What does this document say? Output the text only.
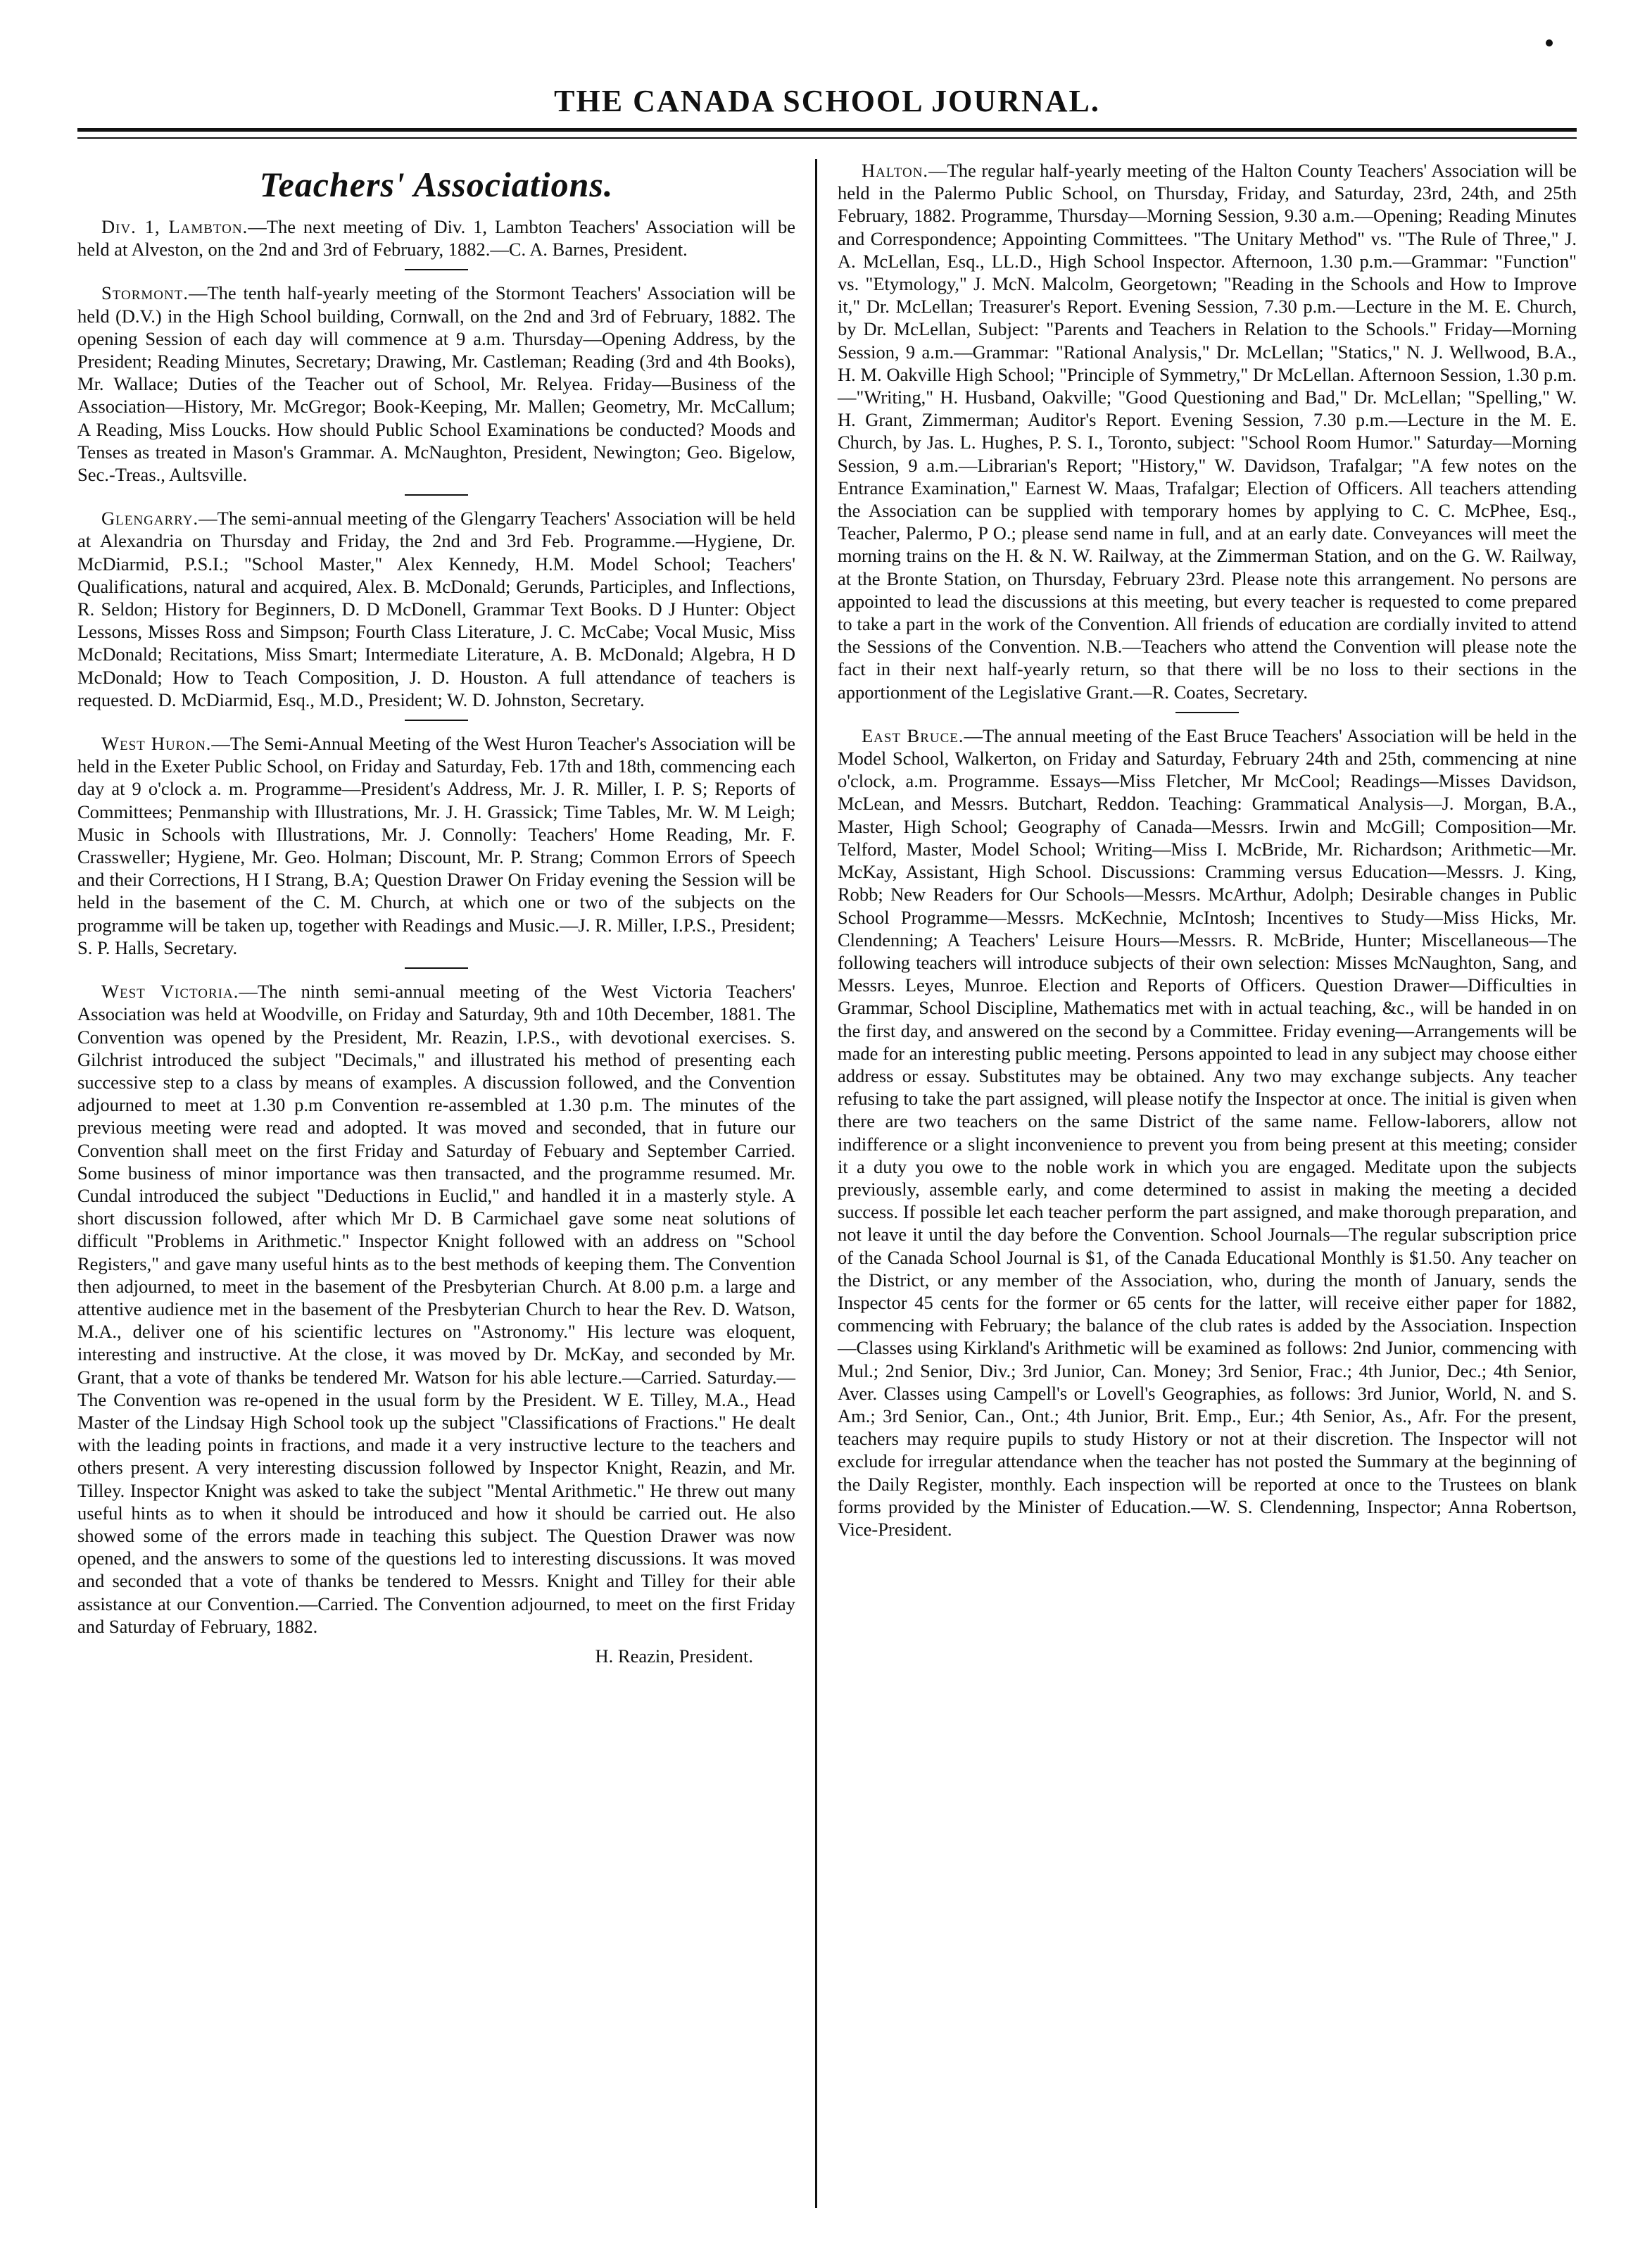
THE CANADA SCHOOL JOURNAL.
Teachers' Associations.

Div. 1, Lambton.—The next meeting of Div. 1, Lambton Teachers' Association will be held at Alveston, on the 2nd and 3rd of February, 1882.—C. A. Barnes, President.

Stormont.—The tenth half-yearly meeting of the Stormont Teachers' Association will be held (D.V.) in the High School building, Cornwall, on the 2nd and 3rd of February, 1882. The opening Session of each day will commence at 9 a.m. Thursday—Opening Address, by the President; Reading Minutes, Secretary; Drawing, Mr. Castleman; Reading (3rd and 4th Books), Mr. Wallace; Duties of the Teacher out of School, Mr. Relyea. Friday—Business of the Association—History, Mr. McGregor; Book-Keeping, Mr. Mallen; Geometry, Mr. McCallum; A Reading, Miss Loucks. How should Public School Examinations be conducted? Moods and Tenses as treated in Mason's Grammar. A. McNaughton, President, Newington; Geo. Bigelow, Sec.-Treas., Aultsville.

Glengarry.—The semi-annual meeting of the Glengarry Teachers' Association will be held at Alexandria on Thursday and Friday, the 2nd and 3rd Feb. Programme.—Hygiene, Dr. McDiarmid, P.S.I.; "School Master," Alex Kennedy, H.M. Model School; Teachers' Qualifications, natural and acquired, Alex. B. McDonald; Gerunds, Participles, and Inflections, R. Seldon; History for Beginners, D. D McDonell, Grammar Text Books. D J Hunter: Object Lessons, Misses Ross and Simpson; Fourth Class Literature, J. C. McCabe; Vocal Music, Miss McDonald; Recitations, Miss Smart; Intermediate Literature, A. B. McDonald; Algebra, H D McDonald; How to Teach Composition, J. D. Houston. A full attendance of teachers is requested. D. McDiarmid, Esq., M.D., President; W. D. Johnston, Secretary.

West Huron.—The Semi-Annual Meeting of the West Huron Teacher's Association will be held in the Exeter Public School, on Friday and Saturday, Feb. 17th and 18th, commencing each day at 9 o'clock a. m. Programme—President's Address, Mr. J. R. Miller, I. P. S; Reports of Committees; Penmanship with Illustrations, Mr. J. H. Grassick; Time Tables, Mr. W. M Leigh; Music in Schools with Illustrations, Mr. J. Connolly: Teachers' Home Reading, Mr. F. Crassweller; Hygiene, Mr. Geo. Holman; Discount, Mr. P. Strang; Common Errors of Speech and their Corrections, H I Strang, B.A; Question Drawer On Friday evening the Session will be held in the basement of the C. M. Church, at which one or two of the subjects on the programme will be taken up, together with Readings and Music.—J. R. Miller, I.P.S., President; S. P. Halls, Secretary.

West Victoria.—The ninth semi-annual meeting of the West Victoria Teachers' Association was held at Woodville, on Friday and Saturday, 9th and 10th December, 1881. The Convention was opened by the President, Mr. Reazin, I.P.S., with devotional exercises. S. Gilchrist introduced the subject "Decimals," and illustrated his method of presenting each successive step to a class by means of examples. A discussion followed, and the Convention adjourned to meet at 1.30 p.m Convention re-assembled at 1.30 p.m. The minutes of the previous meeting were read and adopted. It was moved and seconded, that in future our Convention shall meet on the first Friday and Saturday of Febuary and September Carried. Some business of minor importance was then transacted, and the programme resumed. Mr. Cundal introduced the subject "Deductions in Euclid," and handled it in a masterly style. A short discussion followed, after which Mr D. B Carmichael gave some neat solutions of difficult "Problems in Arithmetic." Inspector Knight followed with an address on "School Registers," and gave many useful hints as to the best methods of keeping them. The Convention then adjourned, to meet in the basement of the Presbyterian Church. At 8.00 p.m. a large and attentive audience met in the basement of the Presbyterian Church to hear the Rev. D. Watson, M.A., deliver one of his scientific lectures on "Astronomy." His lecture was eloquent, interesting and instructive. At the close, it was moved by Dr. McKay, and seconded by Mr. Grant, that a vote of thanks be tendered Mr. Watson for his able lecture.—Carried. Saturday.—The Convention was re-opened in the usual form by the President. W E. Tilley, M.A., Head Master of the Lindsay High School took up the subject "Classifications of Fractions." He dealt with the leading points in fractions, and made it a very instructive lecture to the teachers and others present. A very interesting discussion followed by Inspector Knight, Reazin, and Mr. Tilley. Inspector Knight was asked to take the subject "Mental Arithmetic." He threw out many useful hints as to when it should be introduced and how it should be carried out. He also showed some of the errors made in teaching this subject. The Question Drawer was now opened, and the answers to some of the questions led to interesting discussions. It was moved and seconded that a vote of thanks be tendered to Messrs. Knight and Tilley for their able assistance at our Convention.—Carried. The Convention adjourned, to meet on the first Friday and Saturday of February, 1882.

H. Reazin, President.

Halton.—The regular half-yearly meeting of the Halton County Teachers' Association will be held in the Palermo Public School, on Thursday, Friday, and Saturday, 23rd, 24th, and 25th February, 1882. Programme, Thursday—Morning Session, 9.30 a.m.—Opening; Reading Minutes and Correspondence; Appointing Committees. "The Unitary Method" vs. "The Rule of Three," J. A. McLellan, Esq., LL.D., High School Inspector. Afternoon, 1.30 p.m.—Grammar: "Function" vs. "Etymology," J. McN. Malcolm, Georgetown; "Reading in the Schools and How to Improve it," Dr. McLellan; Treasurer's Report. Evening Session, 7.30 p.m.—Lecture in the M. E. Church, by Dr. McLellan, Subject: "Parents and Teachers in Relation to the Schools." Friday—Morning Session, 9 a.m.—Grammar: "Rational Analysis," Dr. McLellan; "Statics," N. J. Wellwood, B.A., H. M. Oakville High School; "Principle of Symmetry," Dr McLellan. Afternoon Session, 1.30 p.m.—"Writing," H. Husband, Oakville; "Good Questioning and Bad," Dr. McLellan; "Spelling," W. H. Grant, Zimmerman; Auditor's Report. Evening Session, 7.30 p.m.—Lecture in the M. E. Church, by Jas. L. Hughes, P. S. I., Toronto, subject: "School Room Humor." Saturday—Morning Session, 9 a.m.—Librarian's Report; "History," W. Davidson, Trafalgar; "A few notes on the Entrance Examination," Earnest W. Maas, Trafalgar; Election of Officers. All teachers attending the Association can be supplied with temporary homes by applying to C. C. McPhee, Esq., Teacher, Palermo, P O.; please send name in full, and at an early date. Conveyances will meet the morning trains on the H. & N. W. Railway, at the Zimmerman Station, and on the G. W. Railway, at the Bronte Station, on Thursday, February 23rd. Please note this arrangement. No persons are appointed to lead the discussions at this meeting, but every teacher is requested to come prepared to take a part in the work of the Convention. All friends of education are cordially invited to attend the Sessions of the Convention. N.B.—Teachers who attend the Convention will please note the fact in their next half-yearly return, so that there will be no loss to their sections in the apportionment of the Legislative Grant.—R. Coates, Secretary.

East Bruce.—The annual meeting of the East Bruce Teachers' Association will be held in the Model School, Walkerton, on Friday and Saturday, February 24th and 25th, commencing at nine o'clock, a.m. Programme. Essays—Miss Fletcher, Mr McCool; Readings—Misses Davidson, McLean, and Messrs. Butchart, Reddon. Teaching: Grammatical Analysis—J. Morgan, B.A., Master, High School; Geography of Canada—Messrs. Irwin and McGill; Composition—Mr. Telford, Master, Model School; Writing—Miss I. McBride, Mr. Richardson; Arithmetic—Mr. McKay, Assistant, High School. Discussions: Cramming versus Education—Messrs. J. King, Robb; New Readers for Our Schools—Messrs. McArthur, Adolph; Desirable changes in Public School Programme—Messrs. McKechnie, McIntosh; Incentives to Study—Miss Hicks, Mr. Clendenning; A Teachers' Leisure Hours—Messrs. R. McBride, Hunter; Miscellaneous—The following teachers will introduce subjects of their own selection: Misses McNaughton, Sang, and Messrs. Leyes, Munroe. Election and Reports of Officers. Question Drawer—Difficulties in Grammar, School Discipline, Mathematics met with in actual teaching, &c., will be handed in on the first day, and answered on the second by a Committee. Friday evening—Arrangements will be made for an interesting public meeting. Persons appointed to lead in any subject may choose either address or essay. Substitutes may be obtained. Any two may exchange subjects. Any teacher refusing to take the part assigned, will please notify the Inspector at once. The initial is given when there are two teachers on the same District of the same name. Fellow-laborers, allow not indifference or a slight inconvenience to prevent you from being present at this meeting; consider it a duty you owe to the noble work in which you are engaged. Meditate upon the subjects previously, assemble early, and come determined to assist in making the meeting a decided success. If possible let each teacher perform the part assigned, and make thorough preparation, and not leave it until the day before the Convention. School Journals—The regular subscription price of the Canada School Journal is $1, of the Canada Educational Monthly is $1.50. Any teacher on the District, or any member of the Association, who, during the month of January, sends the Inspector 45 cents for the former or 65 cents for the latter, will receive either paper for 1882, commencing with February; the balance of the club rates is added by the Association. Inspection—Classes using Kirkland's Arithmetic will be examined as follows: 2nd Junior, commencing with Mul.; 2nd Senior, Div.; 3rd Junior, Can. Money; 3rd Senior, Frac.; 4th Junior, Dec.; 4th Senior, Aver. Classes using Campell's or Lovell's Geographies, as follows: 3rd Junior, World, N. and S. Am.; 3rd Senior, Can., Ont.; 4th Junior, Brit. Emp., Eur.; 4th Senior, As., Afr. For the present, teachers may require pupils to study History or not at their discretion. The Inspector will not exclude for irregular attendance when the teacher has not posted the Summary at the beginning of the Daily Register, monthly. Each inspection will be reported at once to the Trustees on blank forms provided by the Minister of Education.—W. S. Clendenning, Inspector; Anna Robertson, Vice-President.
